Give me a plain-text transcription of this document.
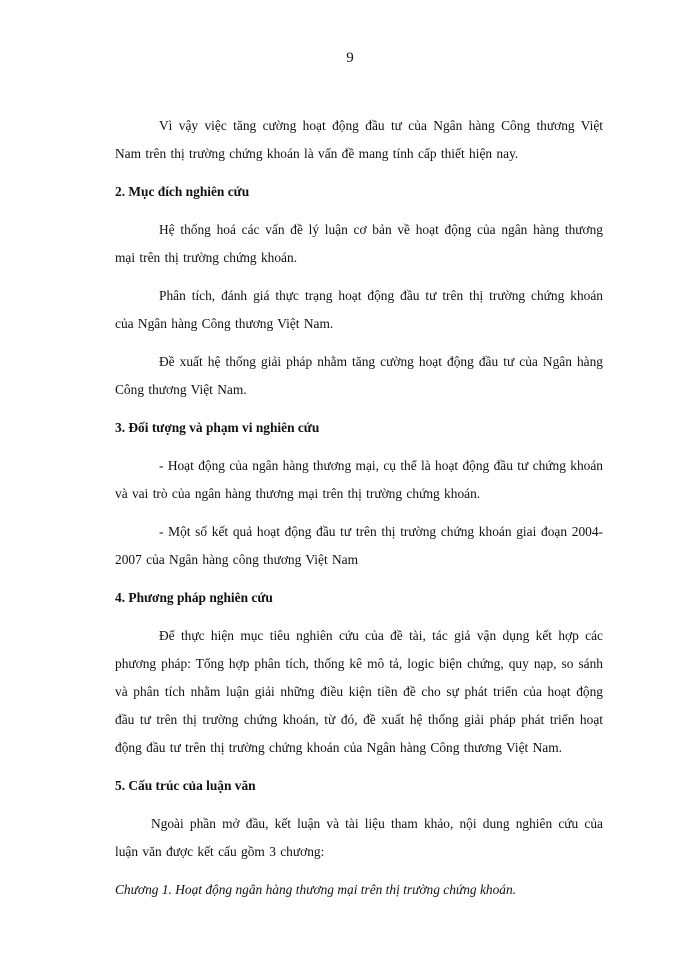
9

Vì vậy việc tăng cường hoạt động đầu tư của Ngân hàng Công thương Việt Nam trên thị trường chứng khoán là vấn đề mang tính cấp thiết hiện nay.

2. Mục đích nghiên cứu

Hệ thống hoá các vấn đề lý luận cơ bản về hoạt động của ngân hàng thương mại trên thị trường chứng khoán.

Phân tích, đánh giá thực trạng hoạt động đầu tư trên thị trường chứng khoán của Ngân hàng Công thương Việt Nam.

Đề xuất hệ thống giải pháp nhằm tăng cường hoạt động đầu tư của Ngân hàng Công thương Việt Nam.

3. Đối tượng và phạm vi nghiên cứu

- Hoạt động của ngân hàng thương mại, cụ thể là hoạt động đầu tư chứng khoán và vai trò của ngân hàng thương mại trên thị trường chứng khoán.

- Một số kết quả hoạt động đầu tư trên thị trường chứng khoán giai đoạn 2004-2007 của Ngân hàng công thương Việt Nam

4. Phương pháp nghiên cứu

Để thực hiện mục tiêu nghiên cứu của đề tài, tác giả vận dụng kết hợp các phương pháp: Tổng hợp phân tích, thống kê mô tả, logic biện chứng, quy nạp, so sánh và phân tích nhằm luận giải những điều kiện tiền đề cho sự phát triển của hoạt động đầu tư trên thị trường chứng khoán, từ đó, đề xuất hệ thống giải pháp phát triển hoạt động đầu tư trên thị trường chứng khoán của Ngân hàng Công thương Việt Nam.

5. Cấu trúc của luận văn

Ngoài phần mở đầu, kết luận và tài liệu tham khảo, nội dung nghiên cứu của luận văn được kết cấu gồm 3 chương:

Chương 1. Hoạt động ngân hàng thương mại trên thị trường chứng khoán.
